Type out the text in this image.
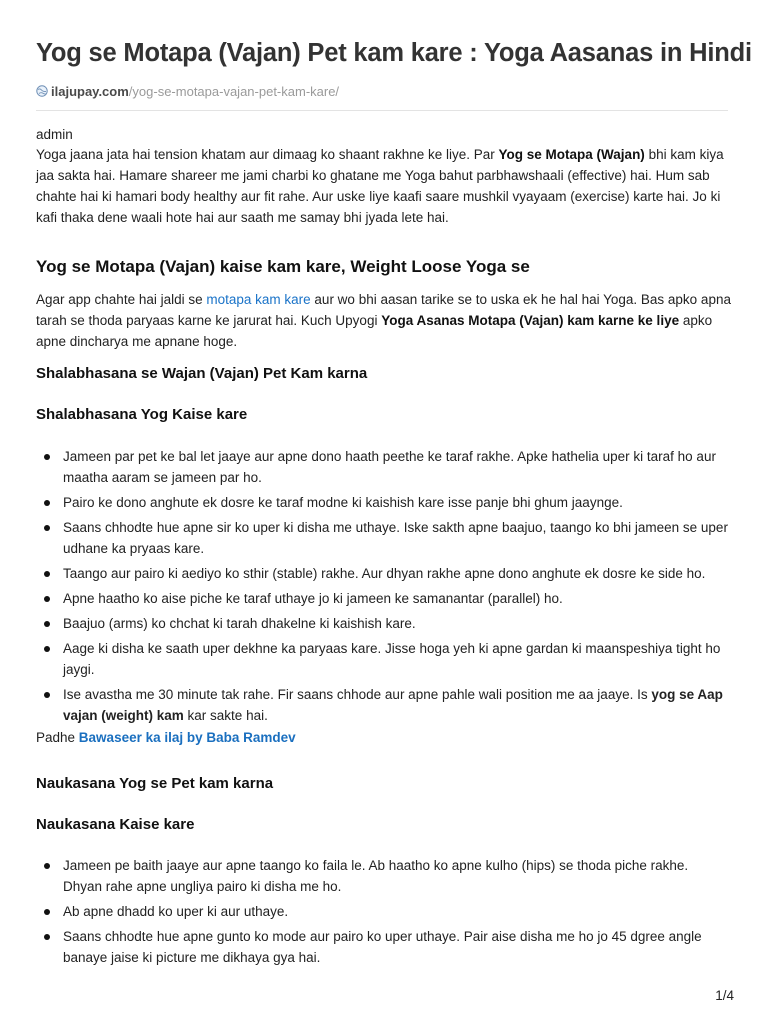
Yog se Motapa (Vajan) Pet kam kare : Yoga Aasanas in Hindi
ilajupay.com/yog-se-motapa-vajan-pet-kam-kare/
admin

Yoga jaana jata hai tension khatam aur dimaag ko shaant rakhne ke liye. Par Yog se Motapa (Wajan) bhi kam kiya jaa sakta hai. Hamare shareer me jami charbi ko ghatane me Yoga bahut parbhawshaali (effective) hai. Hum sab chahte hai ki hamari body healthy aur fit rahe. Aur uske liye kaafi saare mushkil vyayaam (exercise) karte hai. Jo ki kafi thaka dene waali hote hai aur saath me samay bhi jyada lete hai.

Yog se Motapa (Vajan) kaise kam kare, Weight Loose Yoga se

Agar app chahte hai jaldi se motapa kam kare aur wo bhi aasan tarike se to uska ek he hal hai Yoga. Bas apko apna tarah se thoda paryaas karne ke jarurat hai. Kuch Upyogi Yoga Asanas Motapa (Vajan) kam karne ke liye apko apne dincharya me apnane hoge.

Shalabhasana se Wajan (Vajan) Pet Kam karna
Shalabhasana Yog Kaise kare
Jameen par pet ke bal let jaaye aur apne dono haath peethe ke taraf rakhe. Apke hathelia uper ki taraf ho aur maatha aaram se jameen par ho.
Pairo ke dono anghute ek dosre ke taraf modne ki kaishish kare isse panje bhi ghum jaaynge.
Saans chhodte hue apne sir ko uper ki disha me uthaye. Iske sakth apne baajuo, taango ko bhi jameen se uper udhane ka pryaas kare.
Taango aur pairo ki aediyo ko sthir (stable) rakhe. Aur dhyan rakhe apne dono anghute ek dosre ke side ho.
Apne haatho ko aise piche ke taraf uthaye jo ki jameen ke samanantar (parallel) ho.
Baajuo (arms) ko chchat ki tarah dhakelne ki kaishish kare.
Aage ki disha ke saath uper dekhne ka paryaas kare. Jisse hoga yeh ki apne gardan ki maanspeshiya tight ho jaygi.
Ise avastha me 30 minute tak rahe. Fir saans chhode aur apne pahle wali position me aa jaaye. Is yog se Aap vajan (weight) kam kar sakte hai.

Padhe Bawaseer ka ilaj by Baba Ramdev

Naukasana Yog se Pet kam karna
Naukasana Kaise kare
Jameen pe baith jaaye aur apne taango ko faila le. Ab haatho ko apne kulho (hips) se thoda piche rakhe. Dhyan rahe apne ungliya pairo ki disha me ho.
Ab apne dhadd ko uper ki aur uthaye.
Saans chhodte hue apne gunto ko mode aur pairo ko uper uthaye. Pair aise disha me ho jo 45 dgree angle banaye jaise ki picture me dikhaya gya hai.
1/4
